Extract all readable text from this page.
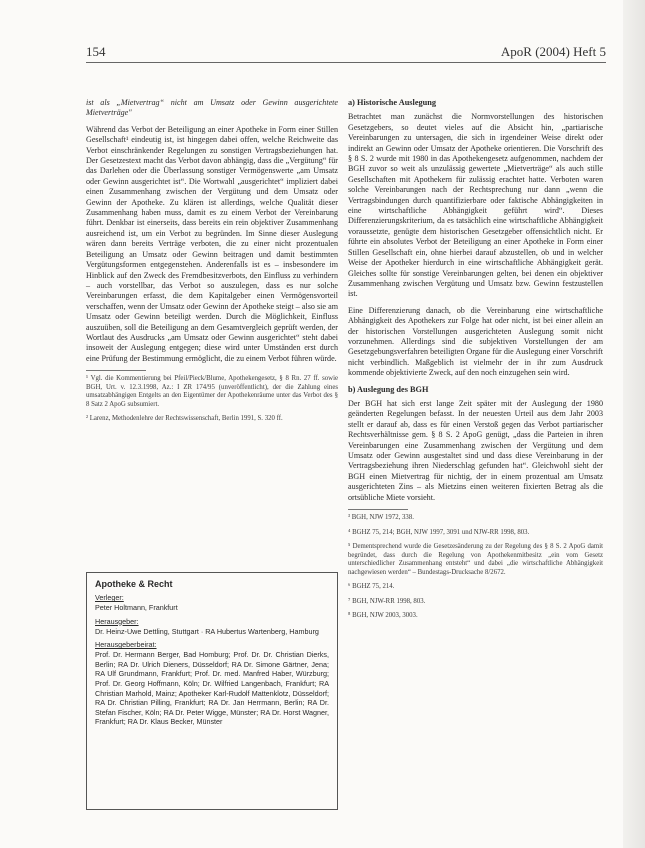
154	ApoR (2004) Heft 5

ist als „Mietvertrag“ nicht am Umsatz oder Gewinn ausgerichtete Mietverträge"

Während das Verbot der Beteiligung an einer Apotheke in Form einer Stillen Gesellschaft¹ eindeutig ist, ist hingegen dabei offen, welche Reichweite das Verbot einschränkender Regelungen zu sonstigen Vertragsbeziehungen hat. Der Gesetzestext macht das Verbot davon abhängig, dass die „Vergütung“ für das Darlehen oder die Überlassung sonstiger Vermögenswerte „am Umsatz oder Gewinn ausgerichtet ist“. Die Wortwahl „ausgerichtet“ impliziert dabei einen Zusammenhang zwischen der Vergütung und dem Umsatz oder Gewinn der Apotheke. Zu klären ist allerdings, welche Qualität dieser Zusammenhang haben muss, damit es zu einem Verbot der Vereinbarung führt. Denkbar ist einerseits, dass bereits ein rein objektiver Zusammenhang ausreichend ist, um ein Verbot zu begründen. Im Sinne dieser Auslegung wären dann bereits Verträge verboten, die zu einer nicht prozentualen Beteiligung an Umsatz oder Gewinn beitragen und damit bestimmten Vergütungsformen entgegenstehen. Anderenfalls ist es – insbesondere im Hinblick auf den Zweck des Fremdbesitzverbots, den Einfluss zu verhindern – auch vorstellbar, das Verbot so auszulegen, dass es nur solche Vereinbarungen erfasst, die dem Kapitalgeber einen Vermögensvorteil verschaffen, wenn der Umsatz oder Gewinn der Apotheke steigt – also sie am Umsatz oder Gewinn beteiligt werden. Durch die Möglichkeit, Einfluss auszuüben, soll die Beteiligung an dem Gesamtvergleich geprüft werden, der Wortlaut des Ausdrucks „am Umsatz oder Gewinn ausgerichtet“ steht dabei insoweit der Auslegung entgegen; diese wird unter Umständen erst durch eine Prüfung der Bestimmung ermöglicht, die zu einem Verbot führen würde.

¹ Vgl. die Kommentierung bei Pfeil/Pieck/Blume, Apothekengesetz, § 8 Rn. 27 ff. sowie BGH, Urt. v. 12.3.1998, Az.: I ZR 174/95 (unveröffentlicht), der die Zahlung eines umsatzabhängigen Entgelts an den Eigentümer der Apothekenräume unter das Verbot des § 8 Satz 2 ApoG subsumiert.

² Larenz, Methodenlehre der Rechtswissenschaft, Berlin 1991, S. 320 ff.

Apotheke & Recht
Verleger:
Peter Holtmann, Frankfurt
Herausgeber:
Dr. Heinz-Uwe Dettling, Stuttgart · RA Hubertus Wartenberg, Hamburg
Herausgeberbeirat:
Prof. Dr. Hermann Berger, Bad Homburg; Prof. Dr. Dr. Christian Dierks, Berlin; RA Dr. Ulrich Dieners, Düsseldorf; RA Dr. Simone Gärtner, Jena; RA Ulf Grundmann, Frankfurt; Prof. Dr. med. Manfred Haber, Würzburg; Prof. Dr. Georg Hoffmann, Köln; Dr. Wilfried Langenbach, Frankfurt; RA Christian Marhold, Mainz; Apotheker Karl-Rudolf Mattenklotz, Düsseldorf; RA Dr. Christian Pilling, Frankfurt; RA Dr. Jan Herrmann, Berlin; RA Dr. Stefan Fischer, Köln; RA Dr. Peter Wigge, Münster; RA Dr. Horst Wagner, Frankfurt; RA Dr. Klaus Becker, Münster
a) Historische Auslegung

Betrachtet man zunächst die Normvorstellungen des historischen Gesetzgebers, so deutet vieles auf die Absicht hin, „partiarische Vereinbarungen zu untersagen, die sich in irgendeiner Weise direkt oder indirekt an Gewinn oder Umsatz der Apotheke orientieren. Die Vorschrift des § 8 S. 2 wurde mit 1980 in das Apothekengesetz aufgenommen, nachdem der BGH zuvor so weit als unzulässig gewertete „Mietverträge“ als auch stille Gesellschaften mit Apothekern für zulässig erachtet hatte. Verboten waren solche Vereinbarungen nach der Rechtsprechung nur dann „wenn die Vertragsbindungen durch quantifizierbare oder faktische Abhängigkeiten in eine wirtschaftliche Abhängigkeit geführt wird“. Dieses Differenzierungskriterium, da es tatsächlich eine wirtschaftliche Abhängigkeit voraussetzte, genügte dem historischen Gesetzgeber offensichtlich nicht. Er führte ein absolutes Verbot der Beteiligung an einer Apotheke in Form einer Stillen Gesellschaft ein, ohne hierbei darauf abzustellen, ob und in welcher Weise der Apotheker hierdurch in eine wirtschaftliche Abhängigkeit gerät. Gleiches sollte für sonstige Vereinbarungen gelten, bei denen ein objektiver Zusammenhang zwischen Vergütung und Umsatz bzw. Gewinn festzustellen ist.

Eine Differenzierung danach, ob die Vereinbarung eine wirtschaftliche Abhängigkeit des Apothekers zur Folge hat oder nicht, ist bei einer allein an der historischen Vorstellungen ausgerichteten Auslegung somit nicht vorzunehmen. Allerdings sind die subjektiven Vorstellungen der am Gesetzgebungsverfahren beteiligten Organe für die Auslegung einer Vorschrift nicht verbindlich. Maßgeblich ist vielmehr der in ihr zum Ausdruck kommende objektivierte Zweck, auf den noch einzugehen sein wird.

b) Auslegung des BGH

Der BGH hat sich erst lange Zeit später mit der Auslegung der 1980 geänderten Regelungen befasst. In der neuesten Urteil aus dem Jahr 2003 stellt er darauf ab, dass es für einen Verstoß gegen das Verbot partiarischer Rechtsverhältnisse gem. § 8 S. 2 ApoG genügt, „dass die Parteien in ihren Vereinbarungen eine Zusammenhang zwischen der Vergütung und dem Umsatz oder Gewinn ausgestaltet sind und dass diese Vereinbarung in der Vertragsbeziehung ihren Niederschlag gefunden hat“. Gleichwohl sieht der BGH einen Mietvertrag für nichtig, der in einem prozentual am Umsatz ausgerichteten Zins – als Mietzins einen weiteren fixierten Betrag als die ortsübliche Miete vorsieht.

³ BGH, NJW 1972, 338.

⁴ BGHZ 75, 214; BGH, NJW 1997, 3091 und NJW-RR 1998, 803.

⁵ Dementsprechend wurde die Gesetzesänderung zu der Regelung des § 8 S. 2 ApoG damit begründet, dass durch die Regelung von Apothekenmitbesitz „ein vom Gesetz unterschiedlicher Zusammenhang entsteht“ und dabei „die wirtschaftliche Abhängigkeit nachgewiesen werden“ – Bundestags-Drucksache 8/2672.

⁶ BGHZ 75, 214.

⁷ BGH, NJW-RR 1998, 803.

⁸ BGH, NJW 2003, 3003.
